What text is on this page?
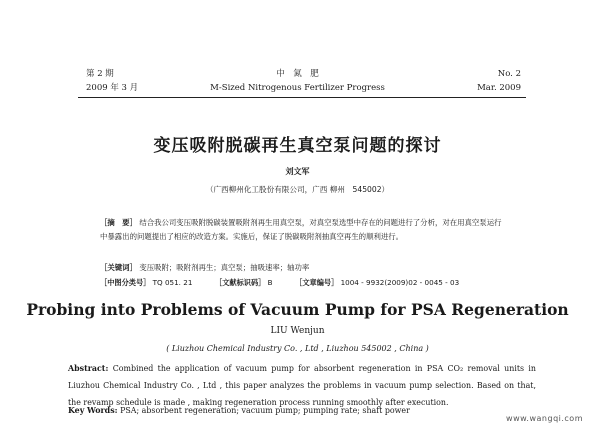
第 2 期
2009 年 3 月
中　氮　肥
M-Sized Nitrogenous Fertilizer Progress
No. 2
Mar. 2009
变压吸附脱碳再生真空泵问题的探讨
刘文军
（广西柳州化工股份有限公司，广西 柳州　545002）
［摘　要］ 结合我公司变压吸附脱碳装置吸附剂再生用真空泵，对真空泵选型中存在的问题进行了分析，对在用真空泵运行中暴露出的问题提出了相应的改造方案。实施后，保证了脱碳吸附剂抽真空再生的顺利进行。
［关键词］ 变压吸附；吸附剂再生；真空泵；抽吸速率；轴功率
［中图分类号］ TQ 051. 21	［文献标识码］ B	［文章编号］ 1004 - 9932(2009)02 - 0045 - 03
Probing into Problems of Vacuum Pump for PSA Regeneration
LIU Wenjun
( Liuzhou Chemical Industry Co. , Ltd , Liuzhou 545002 , China )
Abstract: Combined the application of vacuum pump for absorbent regeneration in PSA CO₂ removal units in Liuzhou Chemical Industry Co. , Ltd , this paper analyzes the problems in vacuum pump selection. Based on that, the revamp schedule is made , making regeneration process running smoothly after execution.
Key Words: PSA; absorbent regeneration; vacuum pump; pumping rate; shaft power
www.wangqi.com
